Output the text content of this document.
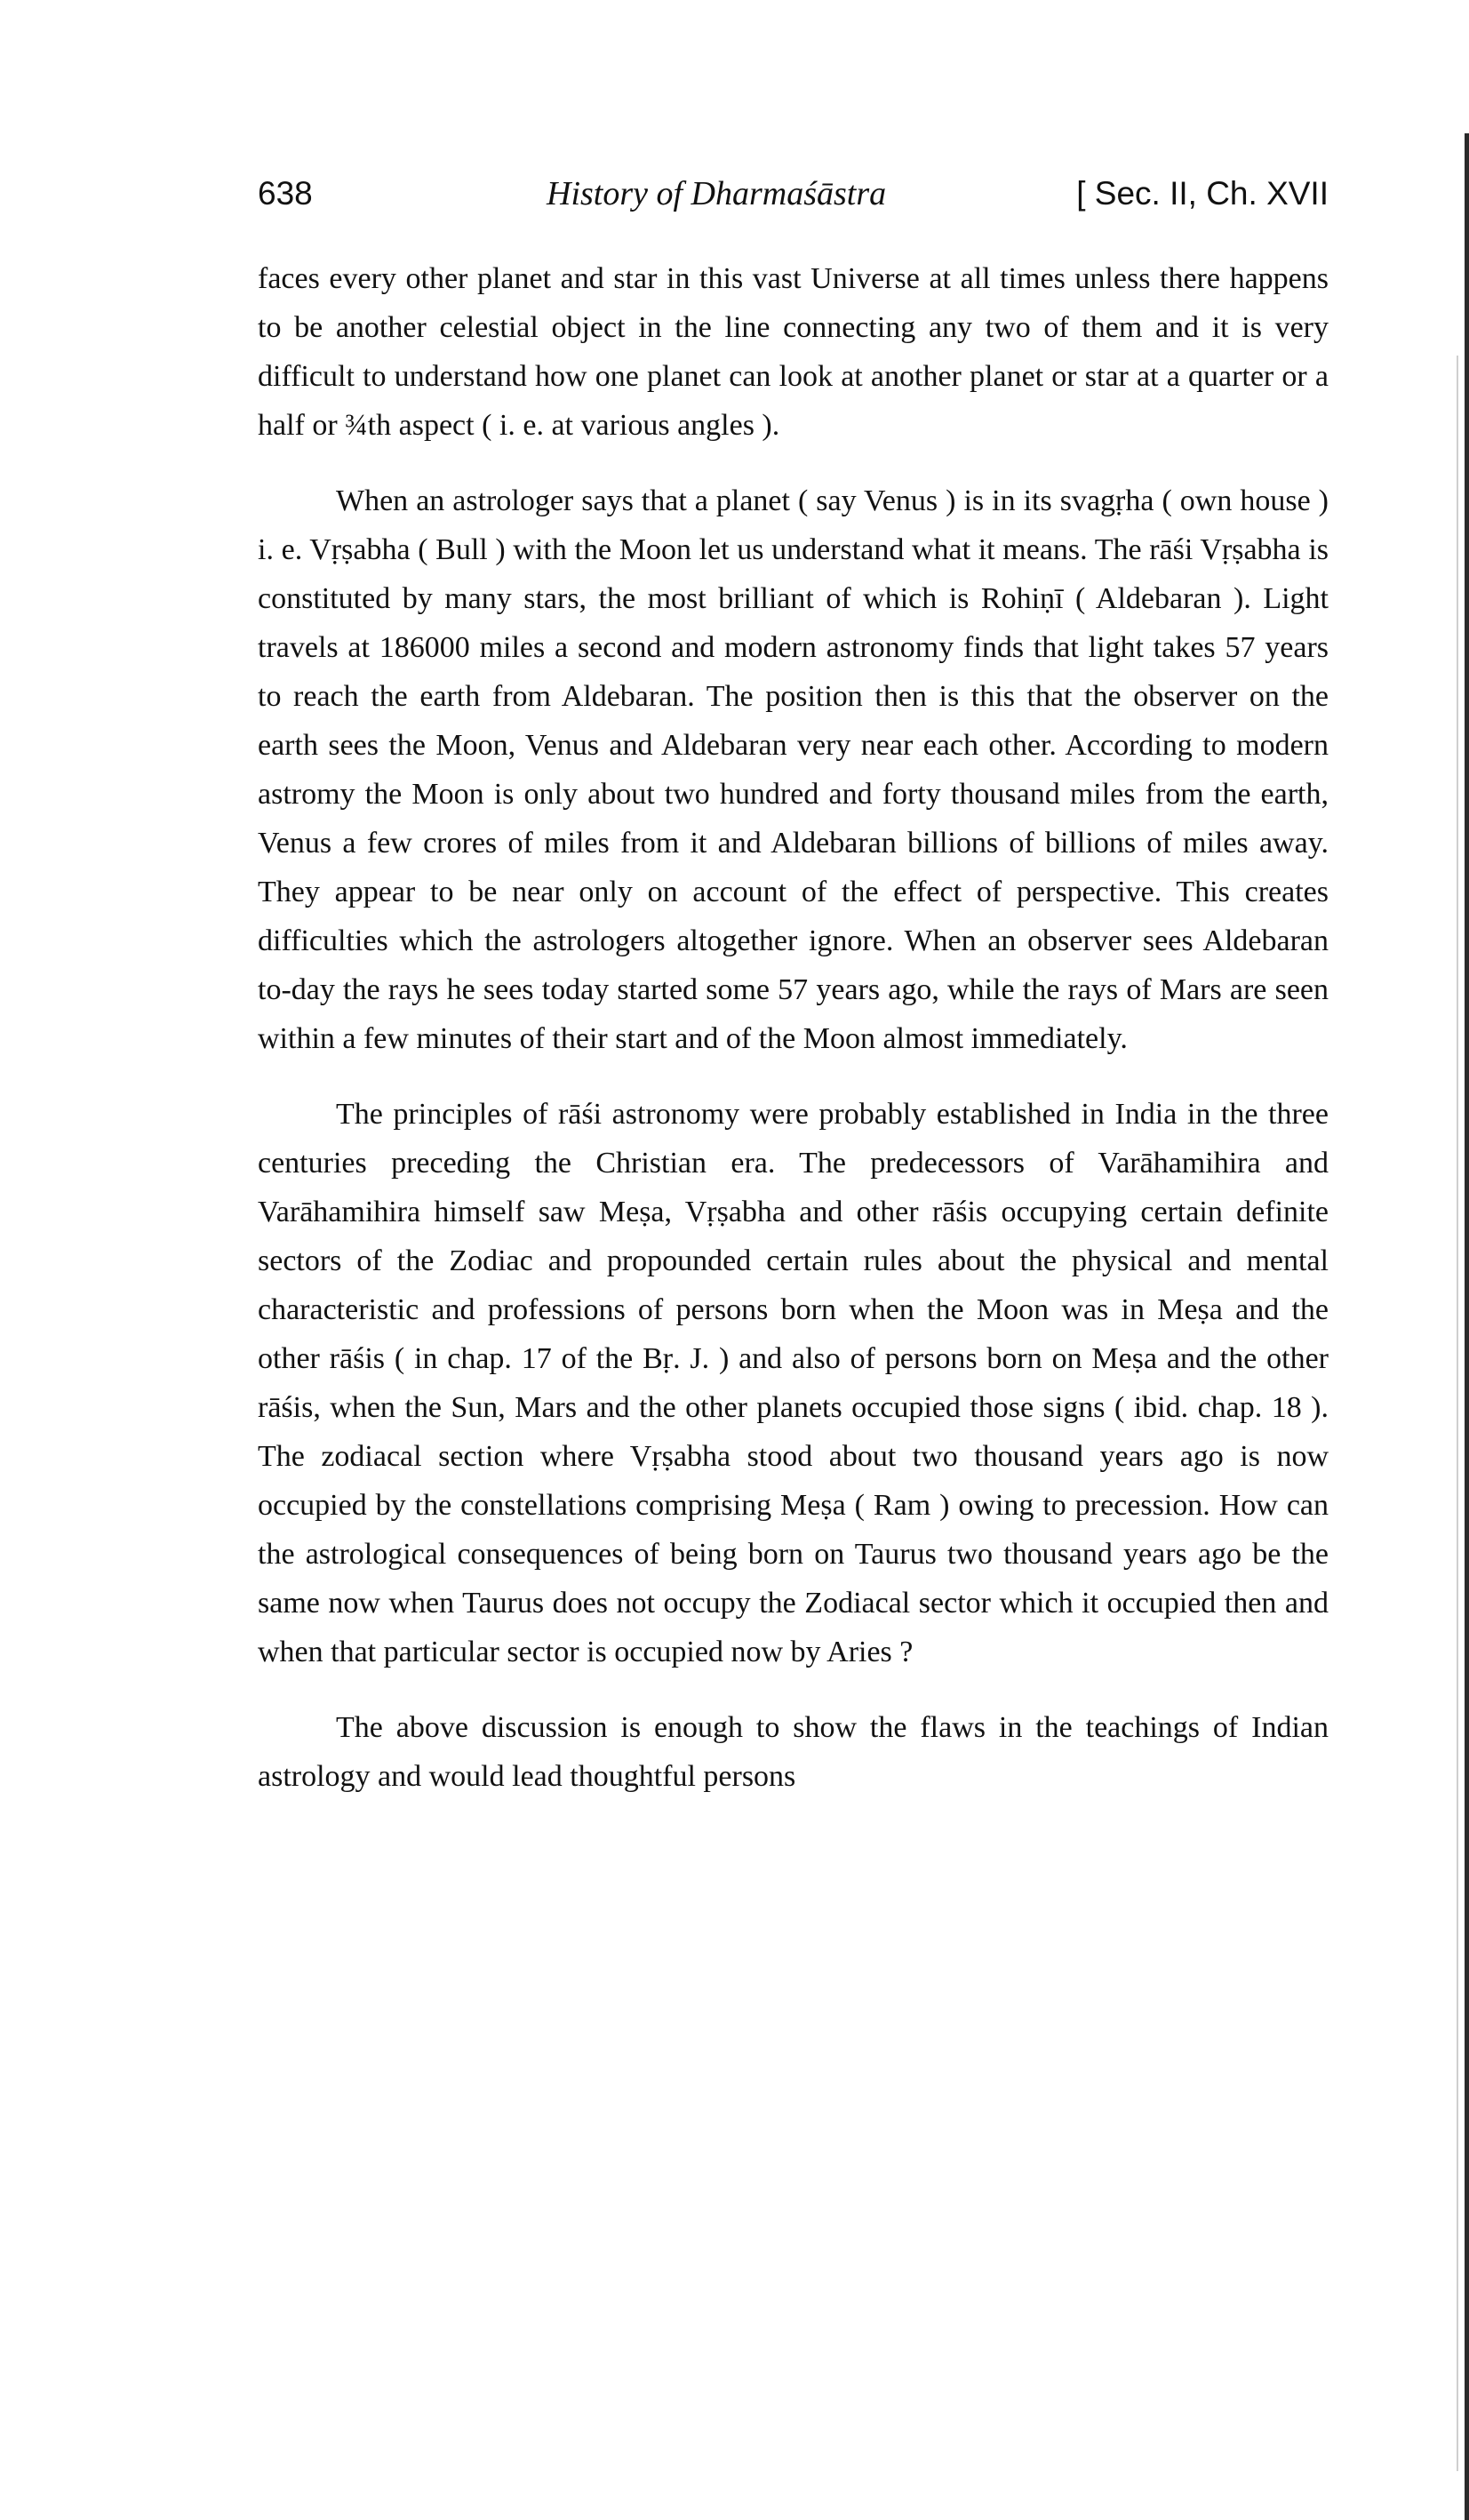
638	History of Dharmaśāstra	[ Sec. II, Ch. XVII

faces every other planet and star in this vast Universe at all times unless there happens to be another celestial object in the line connecting any two of them and it is very difficult to understand how one planet can look at another planet or star at a quarter or a half or ¾th aspect ( i. e. at various angles ).

When an astrologer says that a planet ( say Venus ) is in its svagṛha ( own house ) i. e. Vṛṣabha ( Bull ) with the Moon let us understand what it means. The rāśi Vṛṣabha is constituted by many stars, the most brilliant of which is Rohiṇī ( Aldebaran ). Light travels at 186000 miles a second and modern astronomy finds that light takes 57 years to reach the earth from Aldebaran. The position then is this that the observer on the earth sees the Moon, Venus and Aldebaran very near each other. According to modern astromy the Moon is only about two hundred and forty thousand miles from the earth, Venus a few crores of miles from it and Aldebaran billions of billions of miles away. They appear to be near only on account of the effect of perspective. This creates difficulties which the astrologers altogether ignore. When an observer sees Aldebaran to-day the rays he sees today started some 57 years ago, while the rays of Mars are seen within a few minutes of their start and of the Moon almost immediately.

The principles of rāśi astronomy were probably established in India in the three centuries preceding the Christian era. The predecessors of Varāhamihira and Varāhamihira himself saw Meṣa, Vṛṣabha and other rāśis occupying certain definite sectors of the Zodiac and propounded certain rules about the physical and mental characteristic and professions of persons born when the Moon was in Meṣa and the other rāśis ( in chap. 17 of the Bṛ. J. ) and also of persons born on Meṣa and the other rāśis, when the Sun, Mars and the other planets occupied those signs ( ibid. chap. 18 ). The zodiacal section where Vṛṣabha stood about two thousand years ago is now occupied by the constellations comprising Meṣa ( Ram ) owing to precession. How can the astrological consequences of being born on Taurus two thousand years ago be the same now when Taurus does not occupy the Zodiacal sector which it occupied then and when that particular sector is occupied now by Aries ?

The above discussion is enough to show the flaws in the teachings of Indian astrology and would lead thoughtful persons
